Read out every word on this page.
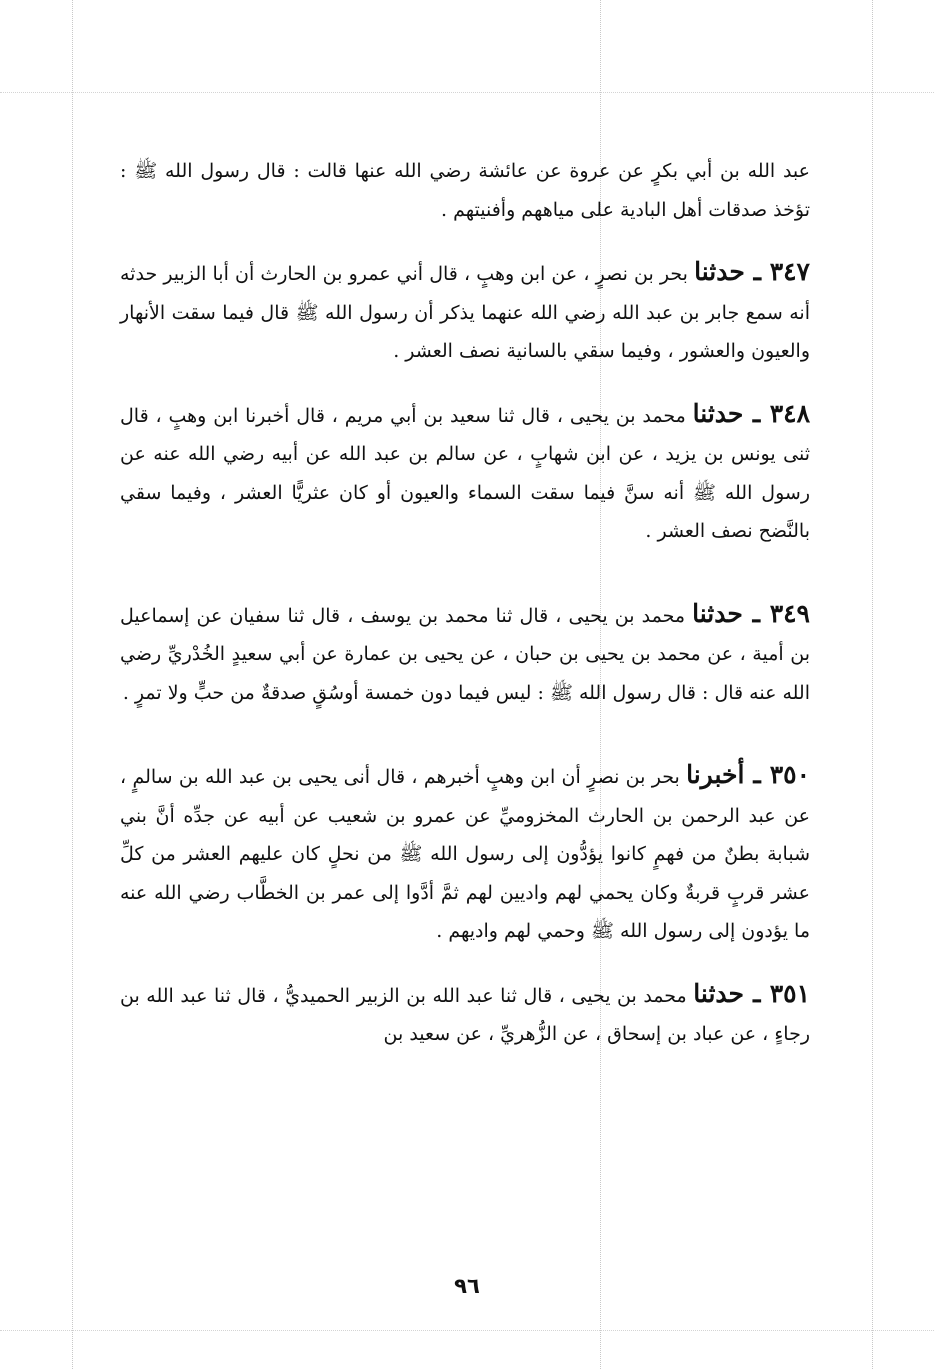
عبد الله بن أبي بكرٍ عن عروة عن عائشة رضي الله عنها قالت : قال رسول الله ﷺ : تؤخذ صدقات أهل البادية على مياههم وأفنيتهم .

٣٤٧ ـ حدثنا بحر بن نصرٍ ، عن ابن وهبٍ ، قال أني عمرو بن الحارث أن أبا الزبير حدثه أنه سمع جابر بن عبد الله رضي الله عنهما يذكر أن رسول الله ﷺ قال فيما سقت الأنهار والعيون والعشور ، وفيما سقي بالسانية نصف العشر .

٣٤٨ ـ حدثنا محمد بن يحيى ، قال ثنا سعيد بن أبي مريم ، قال أخبرنا ابن وهبٍ ، قال ثنى يونس بن يزيد ، عن ابن شهابٍ ، عن سالم بن عبد الله عن أبيه رضي الله عنه عن رسول الله ﷺ أنه سنَّ فيما سقت السماء والعيون أو كان عثريًّا العشر ، وفيما سقي بالنَّضح نصف العشر .

٣٤٩ ـ حدثنا محمد بن يحيى ، قال ثنا محمد بن يوسف ، قال ثنا سفيان عن إسماعيل بن أمية ، عن محمد بن يحيى بن حبان ، عن يحيى بن عمارة عن أبي سعيدٍ الخُدْريِّ رضي الله عنه قال : قال رسول الله ﷺ : ليس فيما دون خمسة أوسُقٍ صدقةٌ من حبٍّ ولا تمرٍ .

٣٥٠ ـ أخبرنا بحر بن نصرٍ أن ابن وهبٍ أخبرهم ، قال أنى يحيى بن عبد الله بن سالمٍ ، عن عبد الرحمن بن الحارث المخزوميِّ عن عمرو بن شعيب عن أبيه عن جدِّه أنَّ بني شبابة بطنٌ من فهمٍ كانوا يؤدُّون إلى رسول الله ﷺ من نحلٍ كان عليهم العشر من كلِّ عشر قربٍ قربةٌ وكان يحمي لهم واديين لهم ثمَّ أدَّوا إلى عمر بن الخطَّاب رضي الله عنه ما يؤدون إلى رسول الله ﷺ وحمي لهم واديهم .

٣٥١ ـ حدثنا محمد بن يحيى ، قال ثنا عبد الله بن الزبير الحميديُّ ، قال ثنا عبد الله بن رجاءٍ ، عن عباد بن إسحاق ، عن الزُّهريِّ ، عن سعيد بن

٩٦
